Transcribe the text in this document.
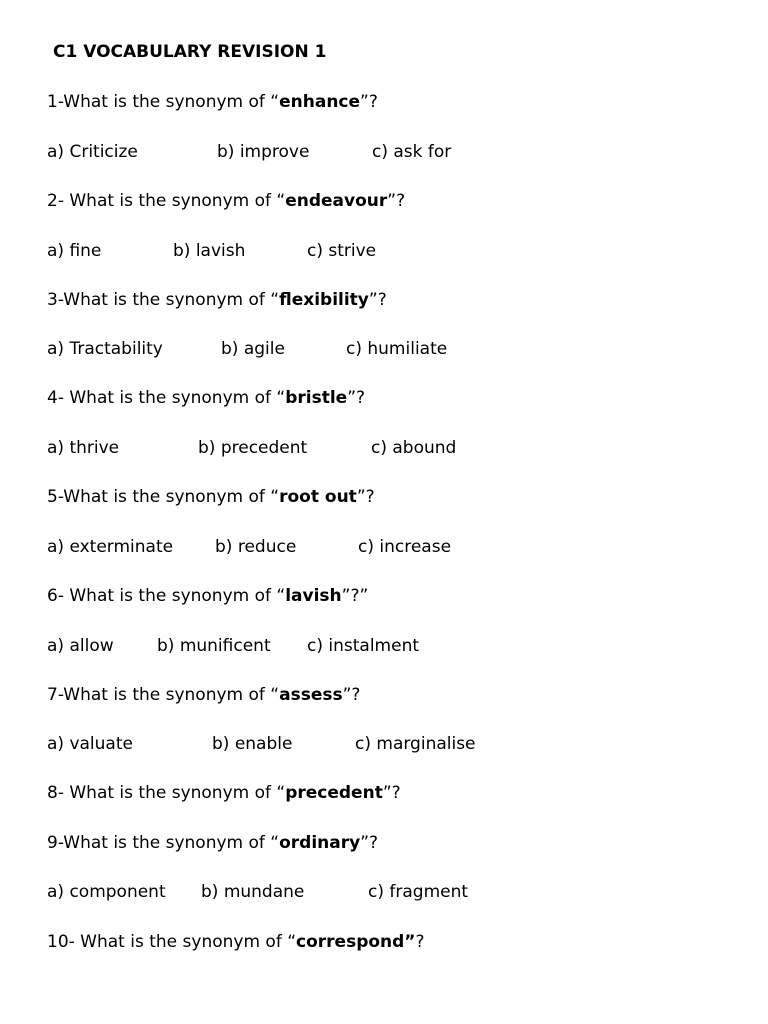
C1 VOCABULARY REVISION 1
1-What is the synonym of “enhance”?
a) Criticize	b) improve	c) ask for
2- What is the synonym of “endeavour”?
a) fine	b) lavish	c) strive
3-What is the synonym of “flexibility”?
a) Tractability	b) agile	c) humiliate
4- What is the synonym of “bristle”?
a) thrive	b) precedent	c) abound
5-What is the synonym of “root out”?
a) exterminate b) reduce	c) increase
6- What is the synonym of “lavish”?”
a) allow	b) munificent c) instalment
7-What is the synonym of “assess”?
a) valuate	b) enable	c) marginalise
8- What is the synonym of “precedent”?
9-What is the synonym of “ordinary”?
a) component b) mundane	c) fragment
10- What is the synonym of “correspond”?
